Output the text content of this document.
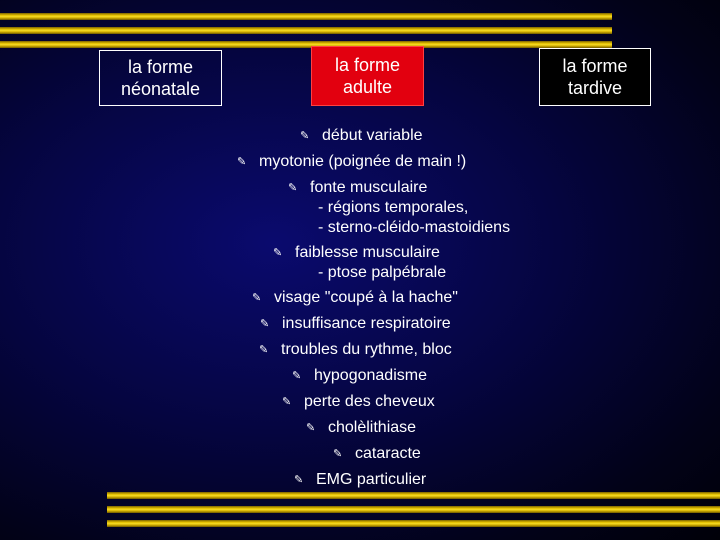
la forme
néonatale
la forme
adulte
la forme
tardive
✎ début variable
✎ myotonie (poignée de main !)
✎ fonte musculaire
- régions temporales,
- sterno-cléido-mastoidiens
✎ faiblesse musculaire
- ptose palpébrale
✎ visage "coupé à la hache"
✎ insuffisance respiratoire
✎ troubles du rythme, bloc
✎ hypogonadisme
✎ perte des cheveux
✎ cholèlithiase
✎ cataracte
✎ EMG particulier
